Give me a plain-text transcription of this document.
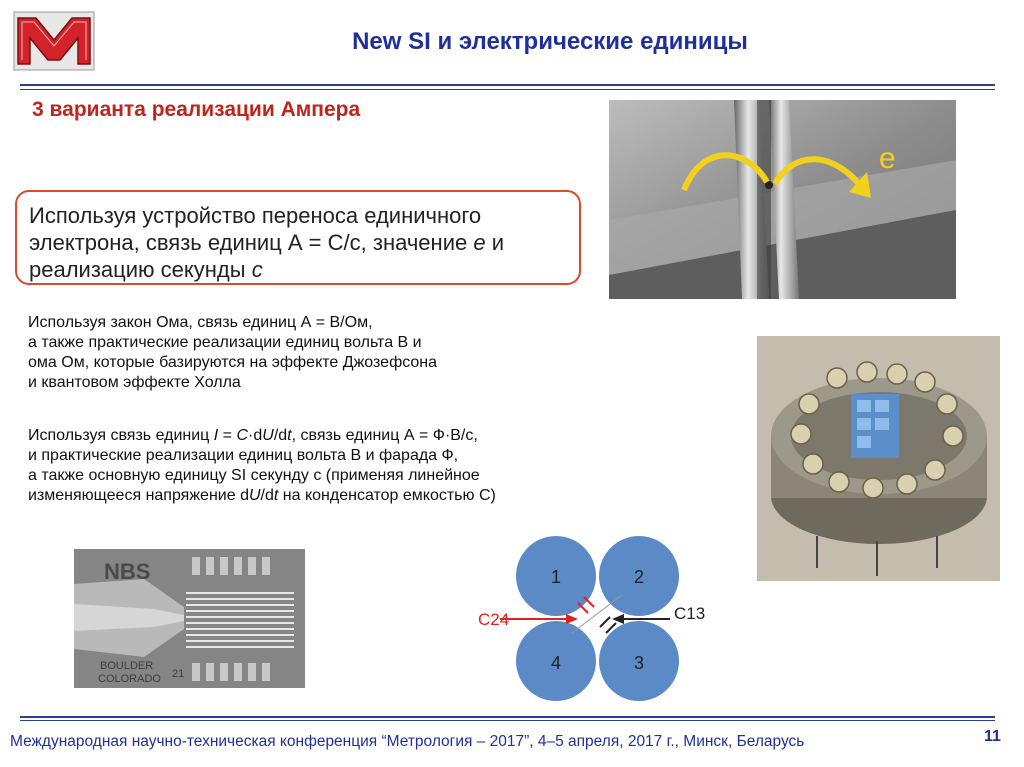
New SI и электрические единицы
3 варианта реализации Ампера
Используя устройство переноса единичного электрона, связь единиц А = С/с, значение e и реализацию секунды с
Используя закон Ома, связь единиц А = В/Ом,
а также практические реализации единиц вольта В и
ома Ом, которые базируются на эффекте Джозефсона
и квантовом эффекте Холла
Используя связь единиц I = C·dU/dt, связь единиц А = Ф·В/с,
и практические реализации единиц вольта В и фарада Ф,
а также основную единицу SI секунду с (применяя линейное
изменяющееся напряжение dU/dt на конденсатор емкостью С)
e
NBS
BOULDER
COLORADO 21
1	2
4	3
C24	C13
Международная научно-техническая конференция “Метрология – 2017”, 4–5 апреля, 2017 г., Минск, Беларусь	11
